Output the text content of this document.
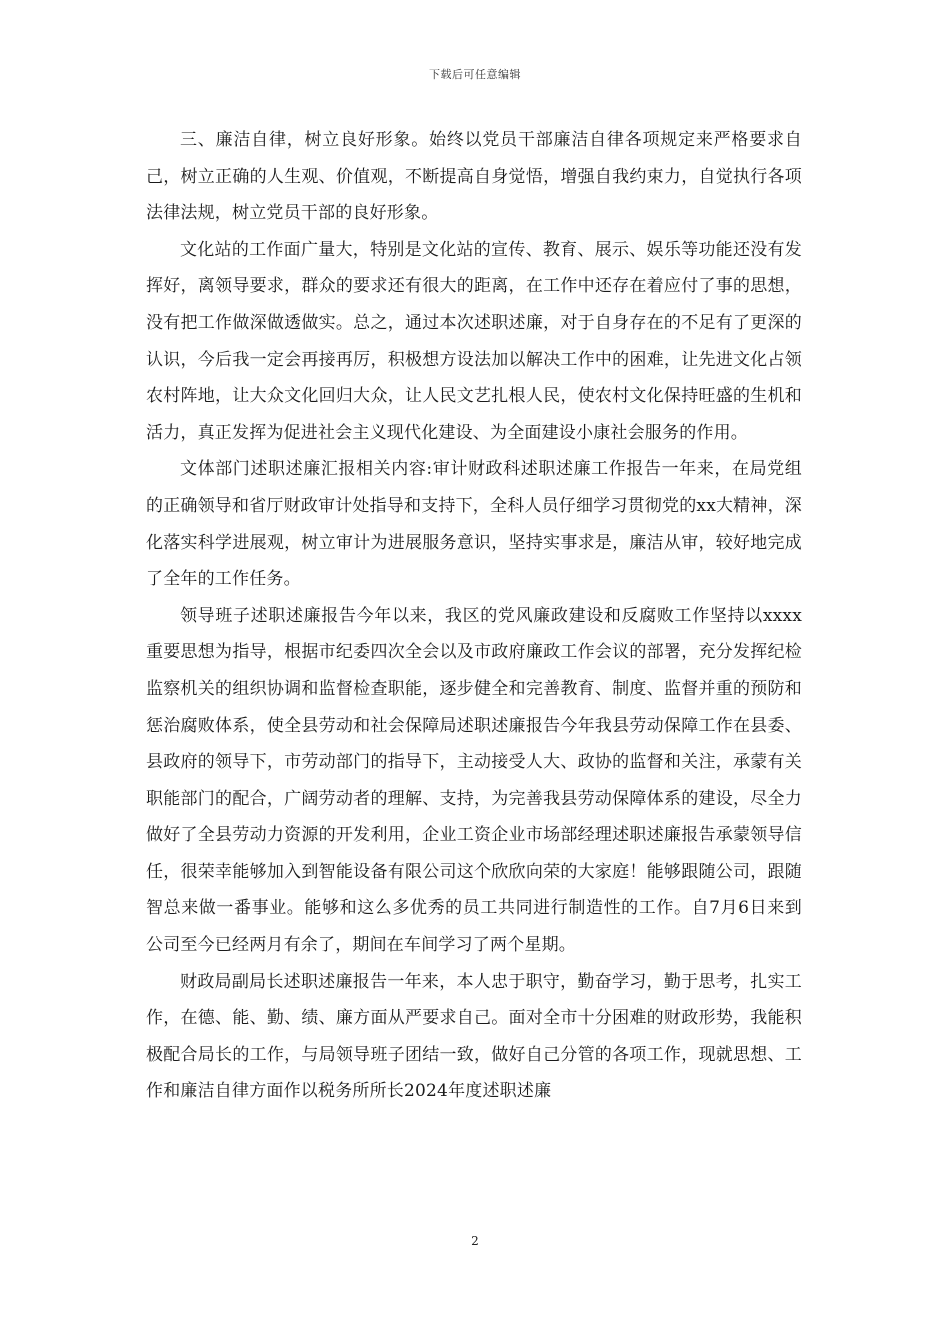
下载后可任意编辑

三、廉洁自律，树立良好形象。始终以党员干部廉洁自律各项规定来严格要求自己，树立正确的人生观、价值观，不断提高自身觉悟，增强自我约束力，自觉执行各项法律法规，树立党员干部的良好形象。

文化站的工作面广量大，特别是文化站的宣传、教育、展示、娱乐等功能还没有发挥好，离领导要求，群众的要求还有很大的距离，在工作中还存在着应付了事的思想，没有把工作做深做透做实。总之，通过本次述职述廉，对于自身存在的不足有了更深的认识，今后我一定会再接再厉，积极想方设法加以解决工作中的困难，让先进文化占领农村阵地，让大众文化回归大众，让人民文艺扎根人民，使农村文化保持旺盛的生机和活力，真正发挥为促进社会主义现代化建设、为全面建设小康社会服务的作用。

文体部门述职述廉汇报相关内容:审计财政科述职述廉工作报告一年来，在局党组的正确领导和省厅财政审计处指导和支持下，全科人员仔细学习贯彻党的xx大精神，深化落实科学进展观，树立审计为进展服务意识，坚持实事求是，廉洁从审，较好地完成了全年的工作任务。

领导班子述职述廉报告今年以来，我区的党风廉政建设和反腐败工作坚持以xxxx重要思想为指导，根据市纪委四次全会以及市政府廉政工作会议的部署，充分发挥纪检监察机关的组织协调和监督检查职能，逐步健全和完善教育、制度、监督并重的预防和惩治腐败体系，使全县劳动和社会保障局述职述廉报告今年我县劳动保障工作在县委、县政府的领导下，市劳动部门的指导下，主动接受人大、政协的监督和关注，承蒙有关职能部门的配合，广阔劳动者的理解、支持，为完善我县劳动保障体系的建设，尽全力做好了全县劳动力资源的开发利用，企业工资企业市场部经理述职述廉报告承蒙领导信任，很荣幸能够加入到智能设备有限公司这个欣欣向荣的大家庭！能够跟随公司，跟随智总来做一番事业。能够和这么多优秀的员工共同进行制造性的工作。自7月6日来到公司至今已经两月有余了，期间在车间学习了两个星期。

财政局副局长述职述廉报告一年来，本人忠于职守，勤奋学习，勤于思考，扎实工作，在德、能、勤、绩、廉方面从严要求自己。面对全市十分困难的财政形势，我能积极配合局长的工作，与局领导班子团结一致，做好自己分管的各项工作，现就思想、工作和廉洁自律方面作以税务所所长2024年度述职述廉

2
